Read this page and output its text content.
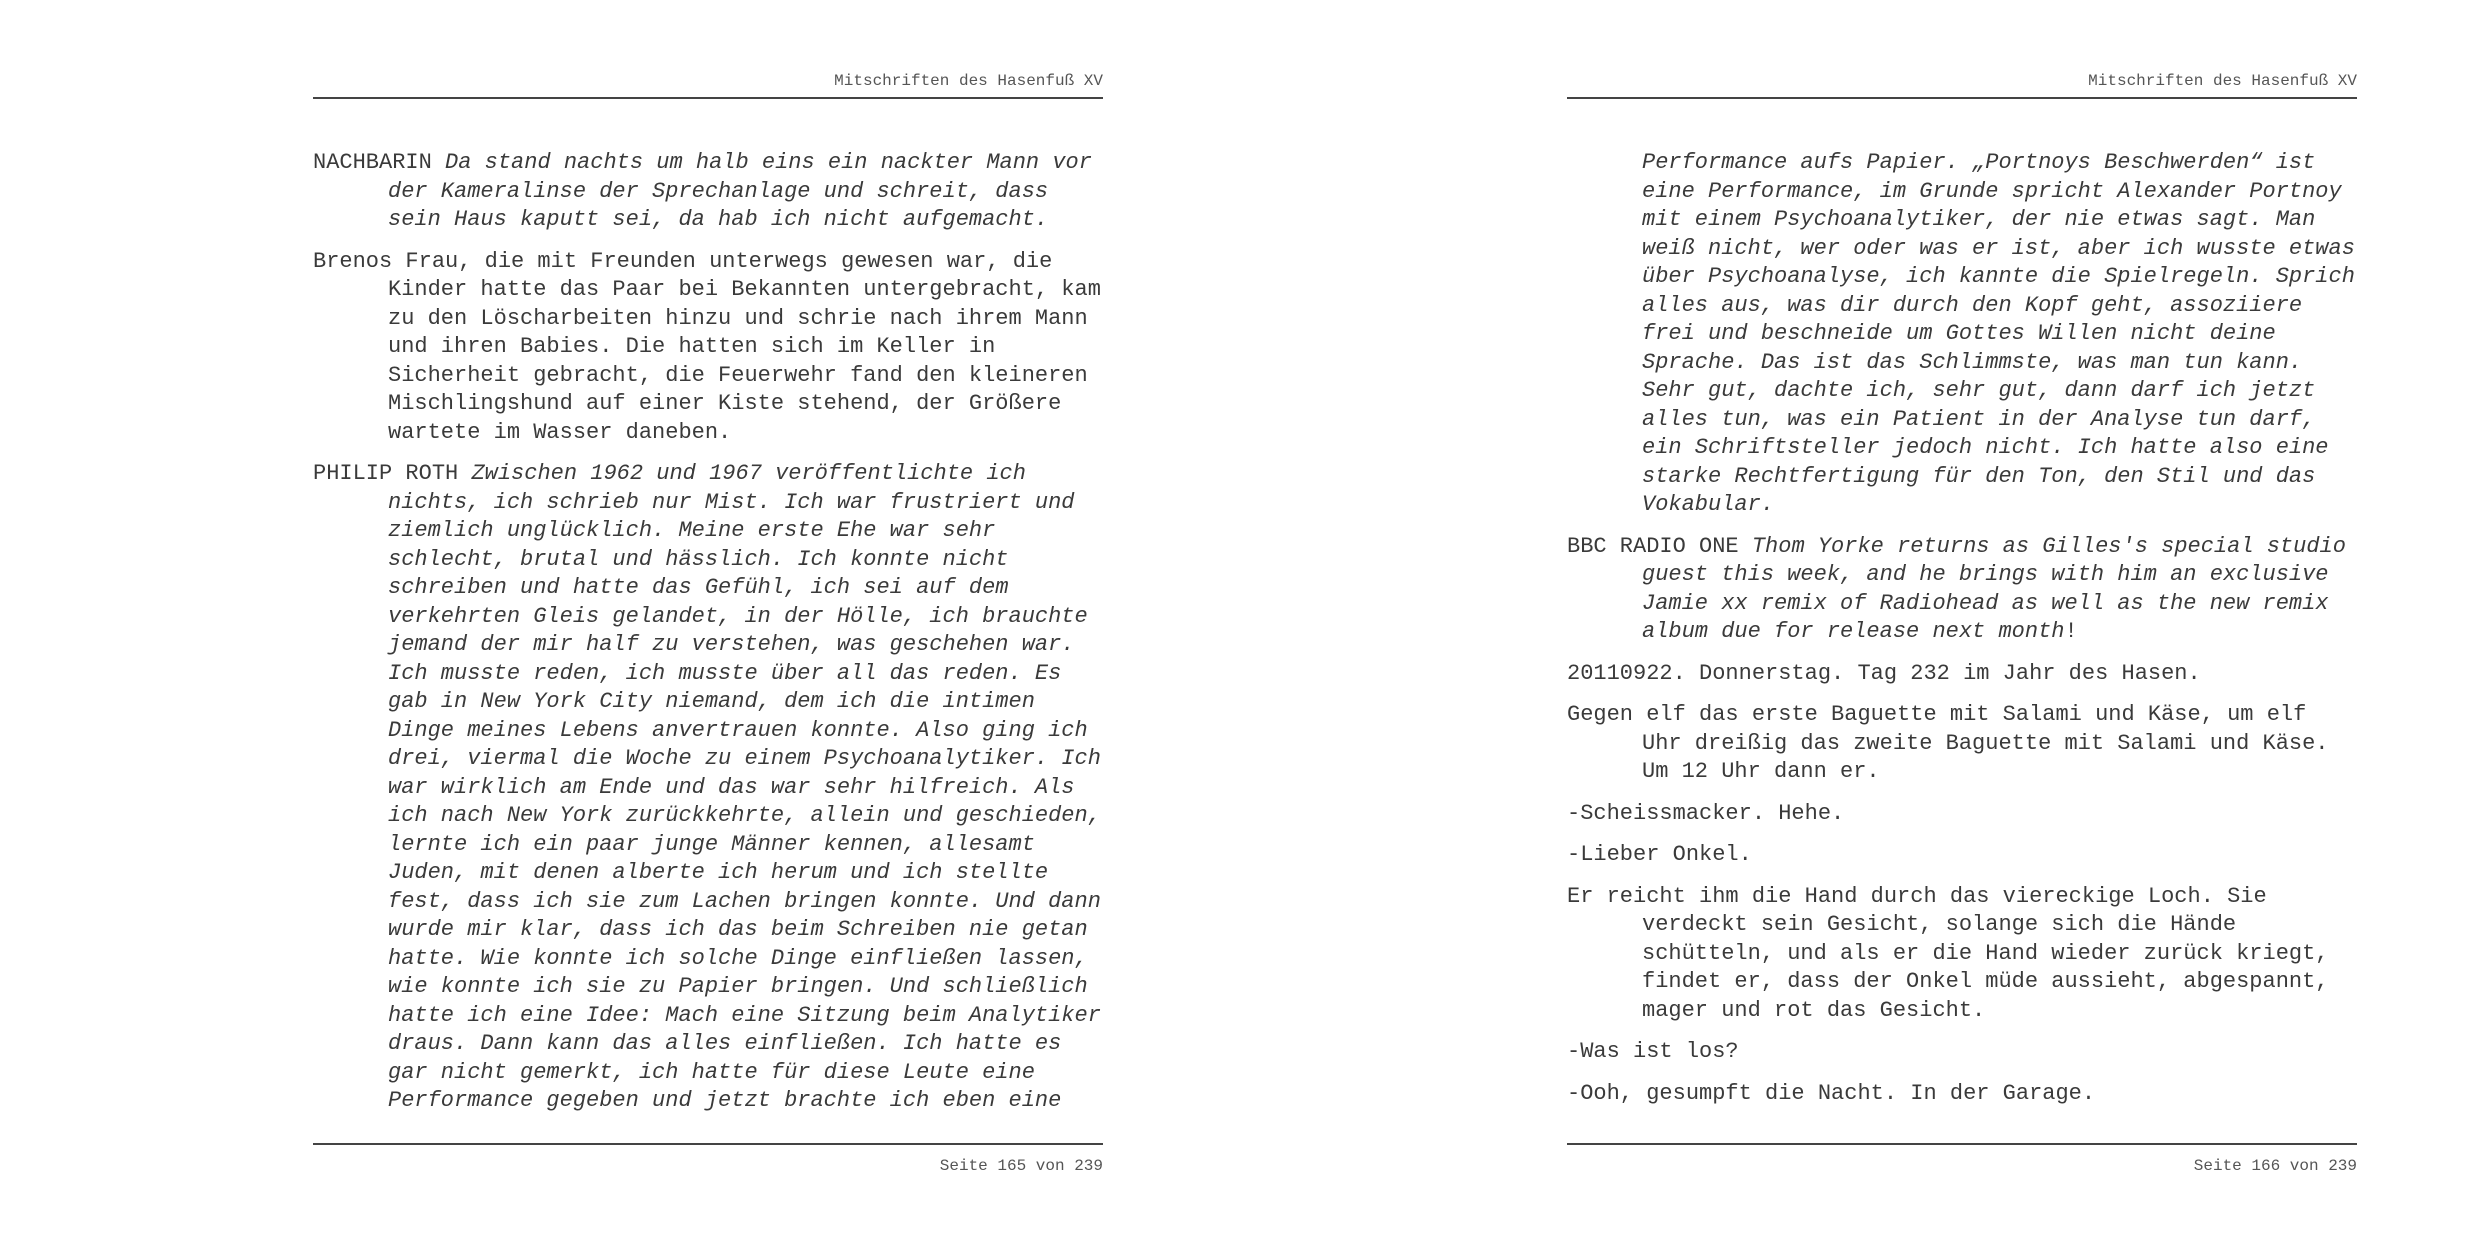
Mitschriften des Hasenfuß XV

NACHBARIN Da stand nachts um halb eins ein nackter Mann vor der Kameralinse der Sprechanlage und schreit, dass sein Haus kaputt sei, da hab ich nicht aufgemacht.

Brenos Frau, die mit Freunden unterwegs gewesen war, die Kinder hatte das Paar bei Bekannten untergebracht, kam zu den Löscharbeiten hinzu und schrie nach ihrem Mann und ihren Babies. Die hatten sich im Keller in Sicherheit gebracht, die Feuerwehr fand den kleineren Mischlingshund auf einer Kiste stehend, der Größere wartete im Wasser daneben.

PHILIP ROTH Zwischen 1962 und 1967 veröffentlichte ich nichts, ich schrieb nur Mist. Ich war frustriert und ziemlich unglücklich. Meine erste Ehe war sehr schlecht, brutal und hässlich. Ich konnte nicht schreiben und hatte das Gefühl, ich sei auf dem verkehrten Gleis gelandet, in der Hölle, ich brauchte jemand der mir half zu verstehen, was geschehen war. Ich musste reden, ich musste über all das reden. Es gab in New York City niemand, dem ich die intimen Dinge meines Lebens anvertrauen konnte. Also ging ich drei, viermal die Woche zu einem Psychoanalytiker. Ich war wirklich am Ende und das war sehr hilfreich. Als ich nach New York zurückkehrte, allein und geschieden, lernte ich ein paar junge Männer kennen, allesamt Juden, mit denen alberte ich herum und ich stellte fest, dass ich sie zum Lachen bringen konnte. Und dann wurde mir klar, dass ich das beim Schreiben nie getan hatte. Wie konnte ich solche Dinge einfließen lassen, wie konnte ich sie zu Papier bringen. Und schließlich hatte ich eine Idee: Mach eine Sitzung beim Analytiker draus. Dann kann das alles einfließen. Ich hatte es gar nicht gemerkt, ich hatte für diese Leute eine Performance gegeben und jetzt brachte ich eben eine

Seite 165 von 239
Mitschriften des Hasenfuß XV

Performance aufs Papier. „Portnoys Beschwerden“ ist eine Performance, im Grunde spricht Alexander Portnoy mit einem Psychoanalytiker, der nie etwas sagt. Man weiß nicht, wer oder was er ist, aber ich wusste etwas über Psychoanalyse, ich kannte die Spielregeln. Sprich alles aus, was dir durch den Kopf geht, assoziiere frei und beschneide um Gottes Willen nicht deine Sprache. Das ist das Schlimmste, was man tun kann. Sehr gut, dachte ich, sehr gut, dann darf ich jetzt alles tun, was ein Patient in der Analyse tun darf, ein Schriftsteller jedoch nicht. Ich hatte also eine starke Rechtfertigung für den Ton, den Stil und das Vokabular.

BBC RADIO ONE Thom Yorke returns as Gilles's special studio guest this week, and he brings with him an exclusive Jamie xx remix of Radiohead as well as the new remix album due for release next month!

20110922. Donnerstag. Tag 232 im Jahr des Hasen.

Gegen elf das erste Baguette mit Salami und Käse, um elf Uhr dreißig das zweite Baguette mit Salami und Käse. Um 12 Uhr dann er.

-Scheissmacker. Hehe.

-Lieber Onkel.

Er reicht ihm die Hand durch das viereckige Loch. Sie verdeckt sein Gesicht, solange sich die Hände schütteln, und als er die Hand wieder zurück kriegt, findet er, dass der Onkel müde aussieht, abgespannt, mager und rot das Gesicht.

-Was ist los?

-Ooh, gesumpft die Nacht. In der Garage.

Seite 166 von 239
